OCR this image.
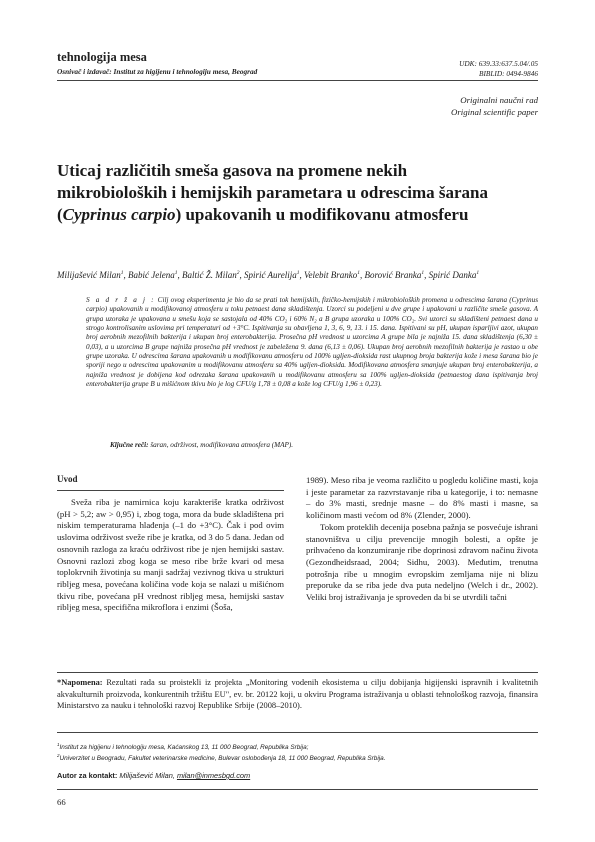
tehnologija mesa
Osnivač i izdavač: Institut za higijenu i tehnologiju mesa, Beograd
UDK: 639.33:637.5.04/.05
BIBLID: 0494-9846
Originalni naučni rad
Original scientific paper
Uticaj različitih smeša gasova na promene nekih mikrobioloških i hemijskih parametara u odrescima šarana (Cyprinus carpio) upakovanih u modifikovanu atmosferu
Milijašević Milan$^1$, Babić Jelena$^1$, Baltić Ž. Milan$^2$, Spirić Aurelija$^1$, Velebit Branko$^1$, Borović Branka$^1$, Spirić Danka$^1$
S a d r ž a j : Cilj ovog eksperimenta je bio da se prati tok hemijskih, fizičko-hemijskih i mikrobioloških promena u odrescima šarana (Cyprinus carpio) upakovanih u modifikovanoj atmosferu u toku petnaest dana skladištenja. Uzorci su podeljeni u dve grupe i upakovani u različite smeše gasova. A grupa uzoraka je upakovana u smešu koja se sastojala od 40% CO₂ i 60% N₂ a B grupa uzoraka u 100% CO₂. Svi uzorci su skladišteni petnaest dana u strogo kontrolisanim uslovima pri temperaturi od +3°C. Ispitivanja su obavljena 1, 3, 6, 9, 13. i 15. dana. Ispitivani su pH, ukupan isparljivi azot, ukupan broj aerobnih mezofilnih bakterija i ukupan broj enterobakterija. Prosečna pH vrednost u uzorcima A grupe bila je najniža 15. dana skladištenja (6,30 ± 0,03), a u uzorcima B grupe najniža prosečna pH vrednost je zabeležena 9. dana (6,13 ± 0,06). Ukupan broj aerobnih mezofilnih bakterija je rastao u obe grupe uzoraka. U odrescima šarana upakovanih u modifikovanu atmosferu od 100% ugljen-dioksida rast ukupnog broja bakterija kože i mesa šarana bio je sporiji nego u odrescima upakovanim u modifikovanu atmosferu sa 40% ugljen-dioksida. Modifikovana atmosfera smanjuje ukupan broj enterobakterija, a najniža vrednost je dobijena kod odrezaka šarana upakovanih u modifikovanu atmosferu sa 100% ugljen-dioksida (petnaestog dana ispitivanja broj enterobakterija grupe B u mišićnom tkivu bio je log CFU/g 1,78 ± 0,08 a kože log CFU/g 1,96 ± 0,23).
Ključne reči: šaran, održivost, modifikovana atmosfera (MAP).
Uvod

Sveža riba je namirnica koju karakteriše kratka održivost (pH > 5,2; aw > 0,95) i, zbog toga, mora da bude skladištena pri niskim temperaturama hlađenja (–1 do +3°C). Čak i pod ovim uslovima održivost sveže ribe je kratka, od 3 do 5 dana. Jedan od osnovnih razloga za kraću održivost ribe je njen hemijski sastav. Osnovni razlozi zbog koga se meso ribe brže kvari od mesa toplokrvnih životinja su manji sadržaj vezivnog tkiva u strukturi ribljeg mesa, povećana količina vode koja se nalazi u mišićnom tkivu ribe, povećana pH vrednost ribljeg mesa, hemijski sastav ribljeg mesa, specifična mikroflora i enzimi (Šoša,

1989). Meso riba je veoma različito u pogledu količine masti, koja i jeste parametar za razvrstavanje riba u kategorije, i to: nemasne – do 3% masti, srednje masne – do 8% masti i masne, sa količinom masti većom od 8% (Zlender, 2000).

Tokom proteklih decenija posebna pažnja se posvećuje ishrani stanovništva u cilju prevencije mnogih bolesti, a opšte je prihvaćeno da konzumiranje ribe doprinosi zdravom načinu života (Gezondheidsraad, 2004; Sidhu, 2003). Međutim, trenutna potrošnja ribe u mnogim evropskim zemljama nije ni blizu preporuke da se riba jede dva puta nedeljno (Welch i dr., 2002). Veliki broj istraživanja je sproveden da bi se utvrdili tačni

*Napomena: Rezultati rada su proistekli iz projekta „Monitoring vodenih ekosistema u cilju dobijanja higijenski ispravnih i kvalitetnih akvakulturnih proizvoda, konkurentnih tržištu EU", ev. br. 20122 koji, u okviru Programa istraživanja u oblasti tehnološkog razvoja, finansira Ministarstvo za nauku i tehnološki razvoj Republike Srbije (2008–2010).
$^1$Institut za higijenu i tehnologiju mesa, Kaćanskog 13, 11 000 Beograd, Republika Srbija;
$^2$Univerzitet u Beogradu, Fakultet veterinarske medicine, Bulevar oslobođenja 18, 11 000 Beograd, Republika Srbija.
Autor za kontakt: Milijašević Milan, milan@inmesbgd.com
66
